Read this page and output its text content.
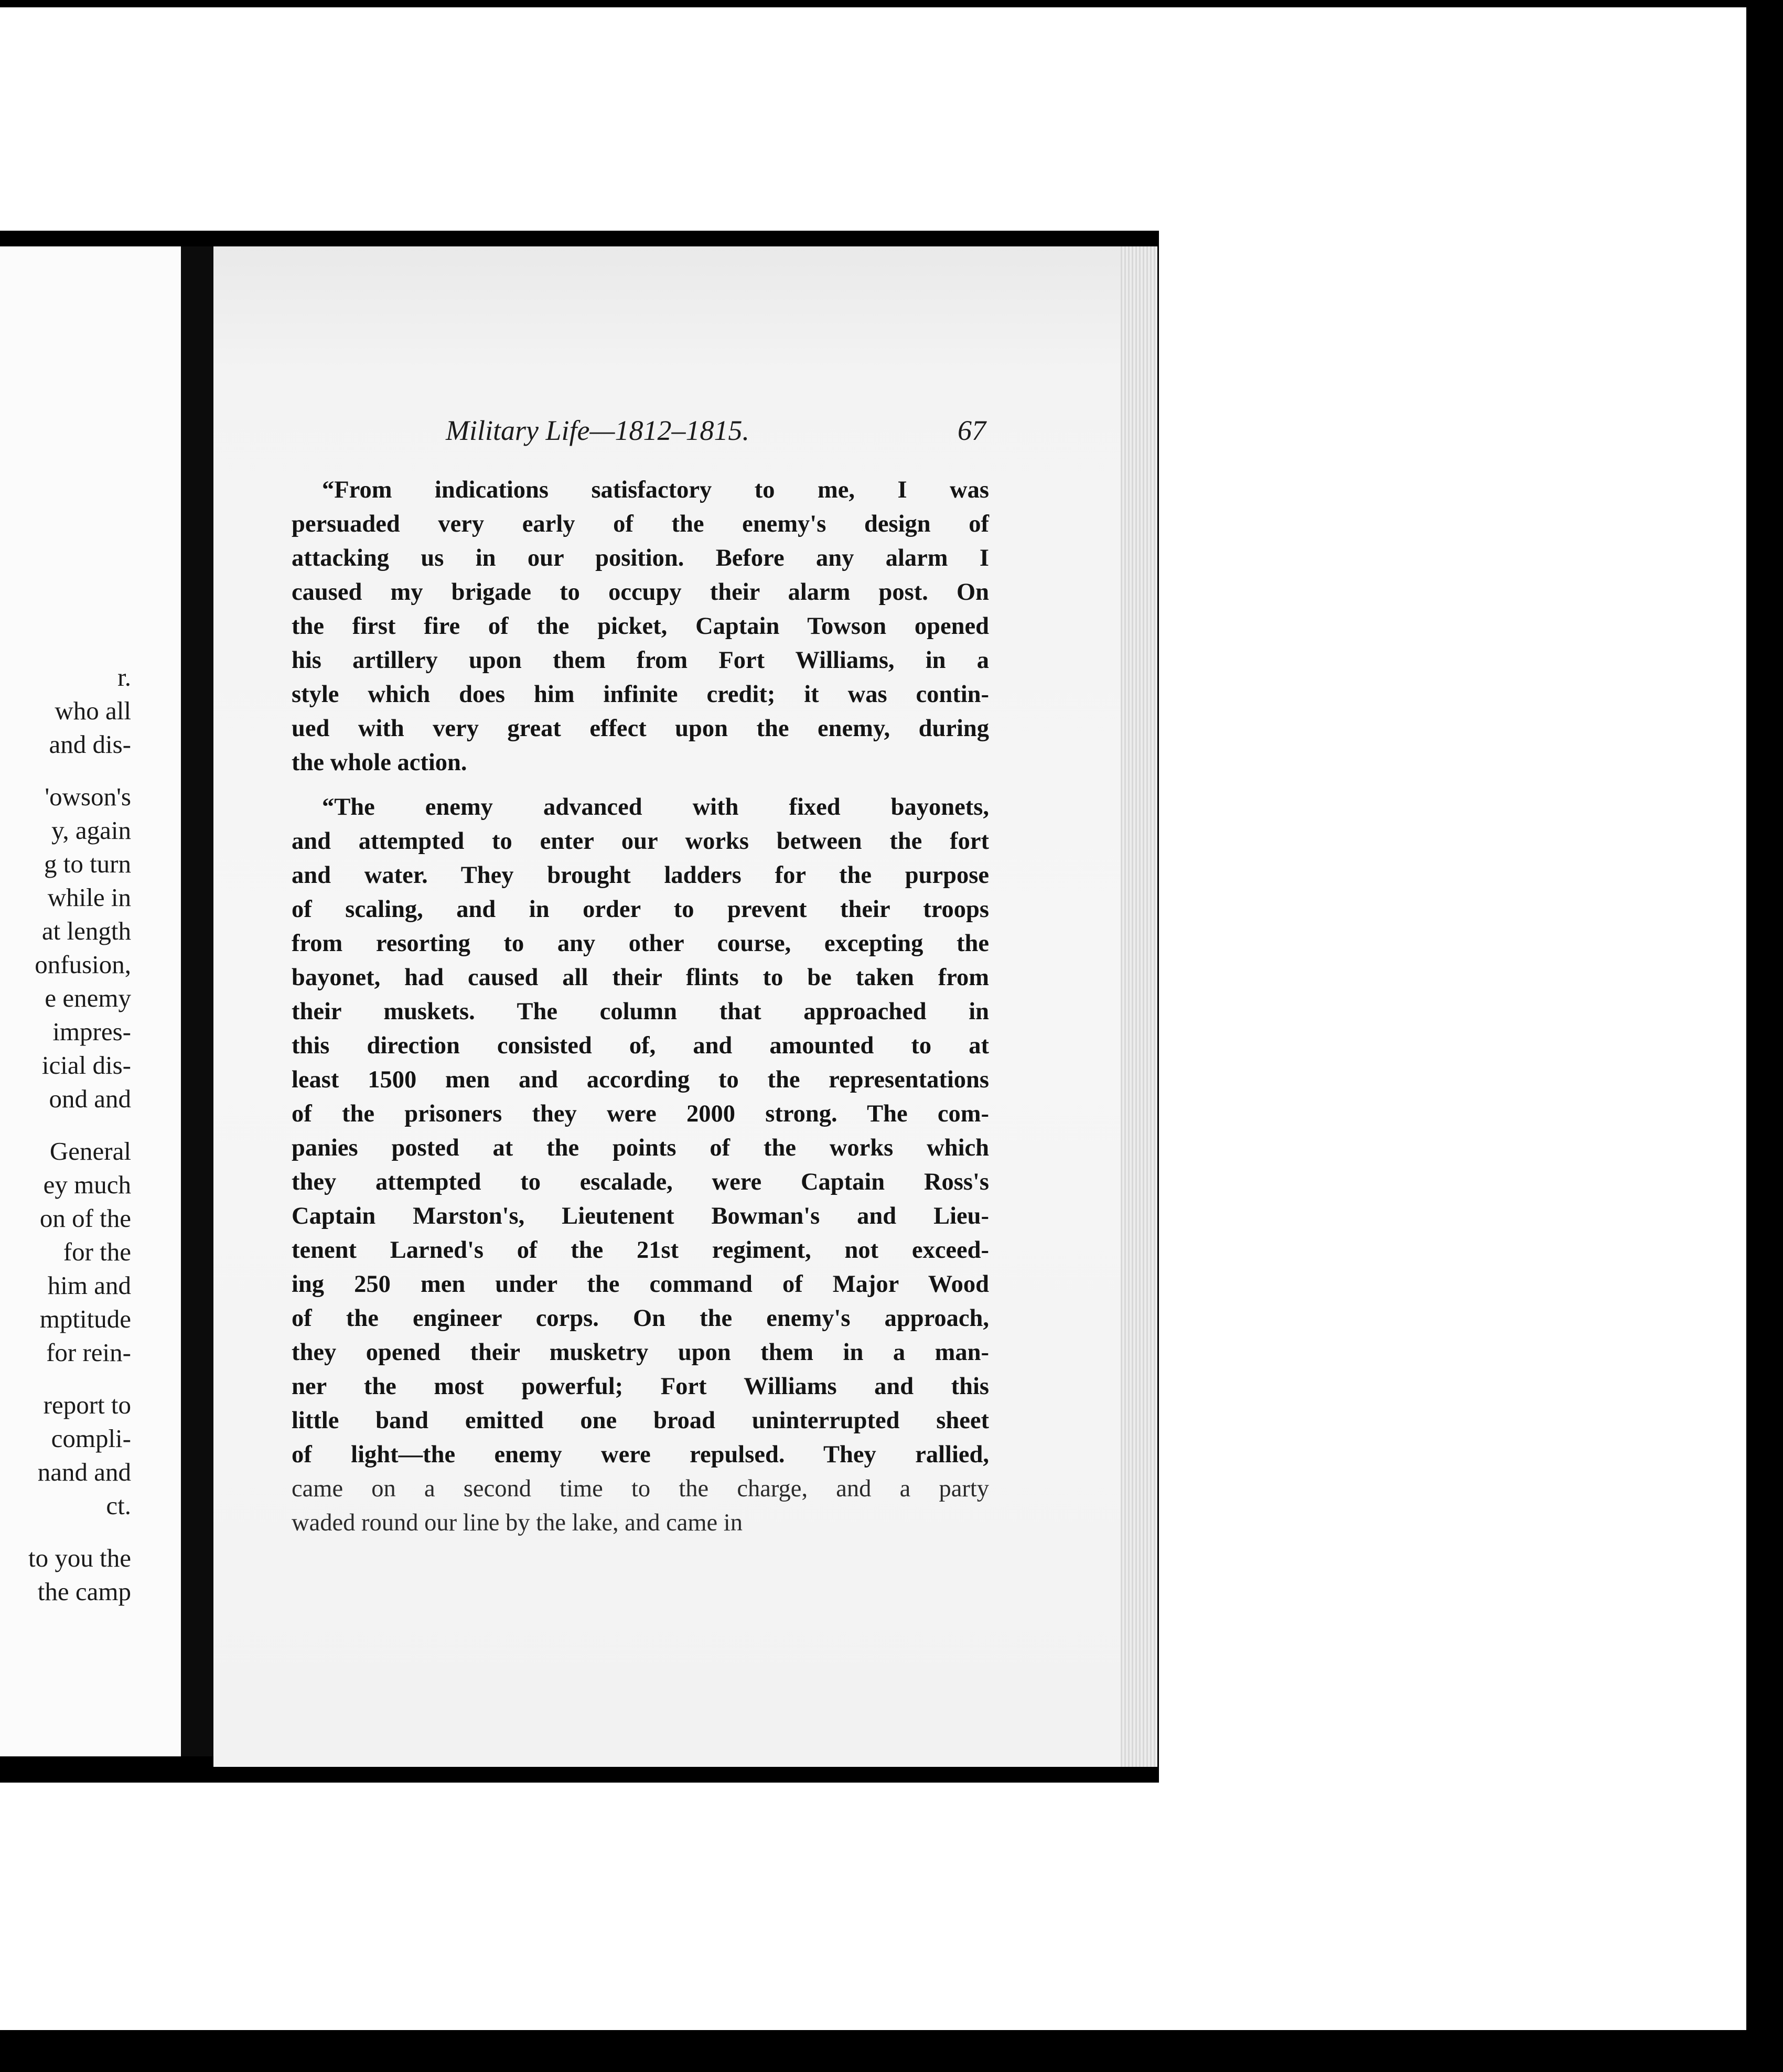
r.
who all
and dis-
'owson's
y, again
g to turn
while in
at length
onfusion,
e enemy
impres-
icial dis-
ond and
General
ey much
on of the
for the
him and
mptitude
for rein-
report to
compli-
nand and
ct.
to you the
the camp
Military Life—1812–1815.	67
“From indications satisfactory to me, I was
persuaded very early of the enemy's design of
attacking us in our position. Before any alarm I
caused my brigade to occupy their alarm post. On
the first fire of the picket, Captain Towson opened
his artillery upon them from Fort Williams, in a
style which does him infinite credit; it was contin-
ued with very great effect upon the enemy, during
the whole action.
“The enemy advanced with fixed bayonets,
and attempted to enter our works between the fort
and water. They brought ladders for the purpose
of scaling, and in order to prevent their troops
from resorting to any other course, excepting the
bayonet, had caused all their flints to be taken from
their muskets. The column that approached in
this direction consisted of, and amounted to at
least 1500 men and according to the representations
of the prisoners they were 2000 strong. The com-
panies posted at the points of the works which
they attempted to escalade, were Captain Ross's
Captain Marston's, Lieutenent Bowman's and Lieu-
tenent Larned's of the 21st regiment, not exceed-
ing 250 men under the command of Major Wood
of the engineer corps. On the enemy's approach,
they opened their musketry upon them in a man-
ner the most powerful; Fort Williams and this
little band emitted one broad uninterrupted sheet
of light—the enemy were repulsed. They rallied,
came on a second time to the charge, and a party
waded round our line by the lake, and came in
